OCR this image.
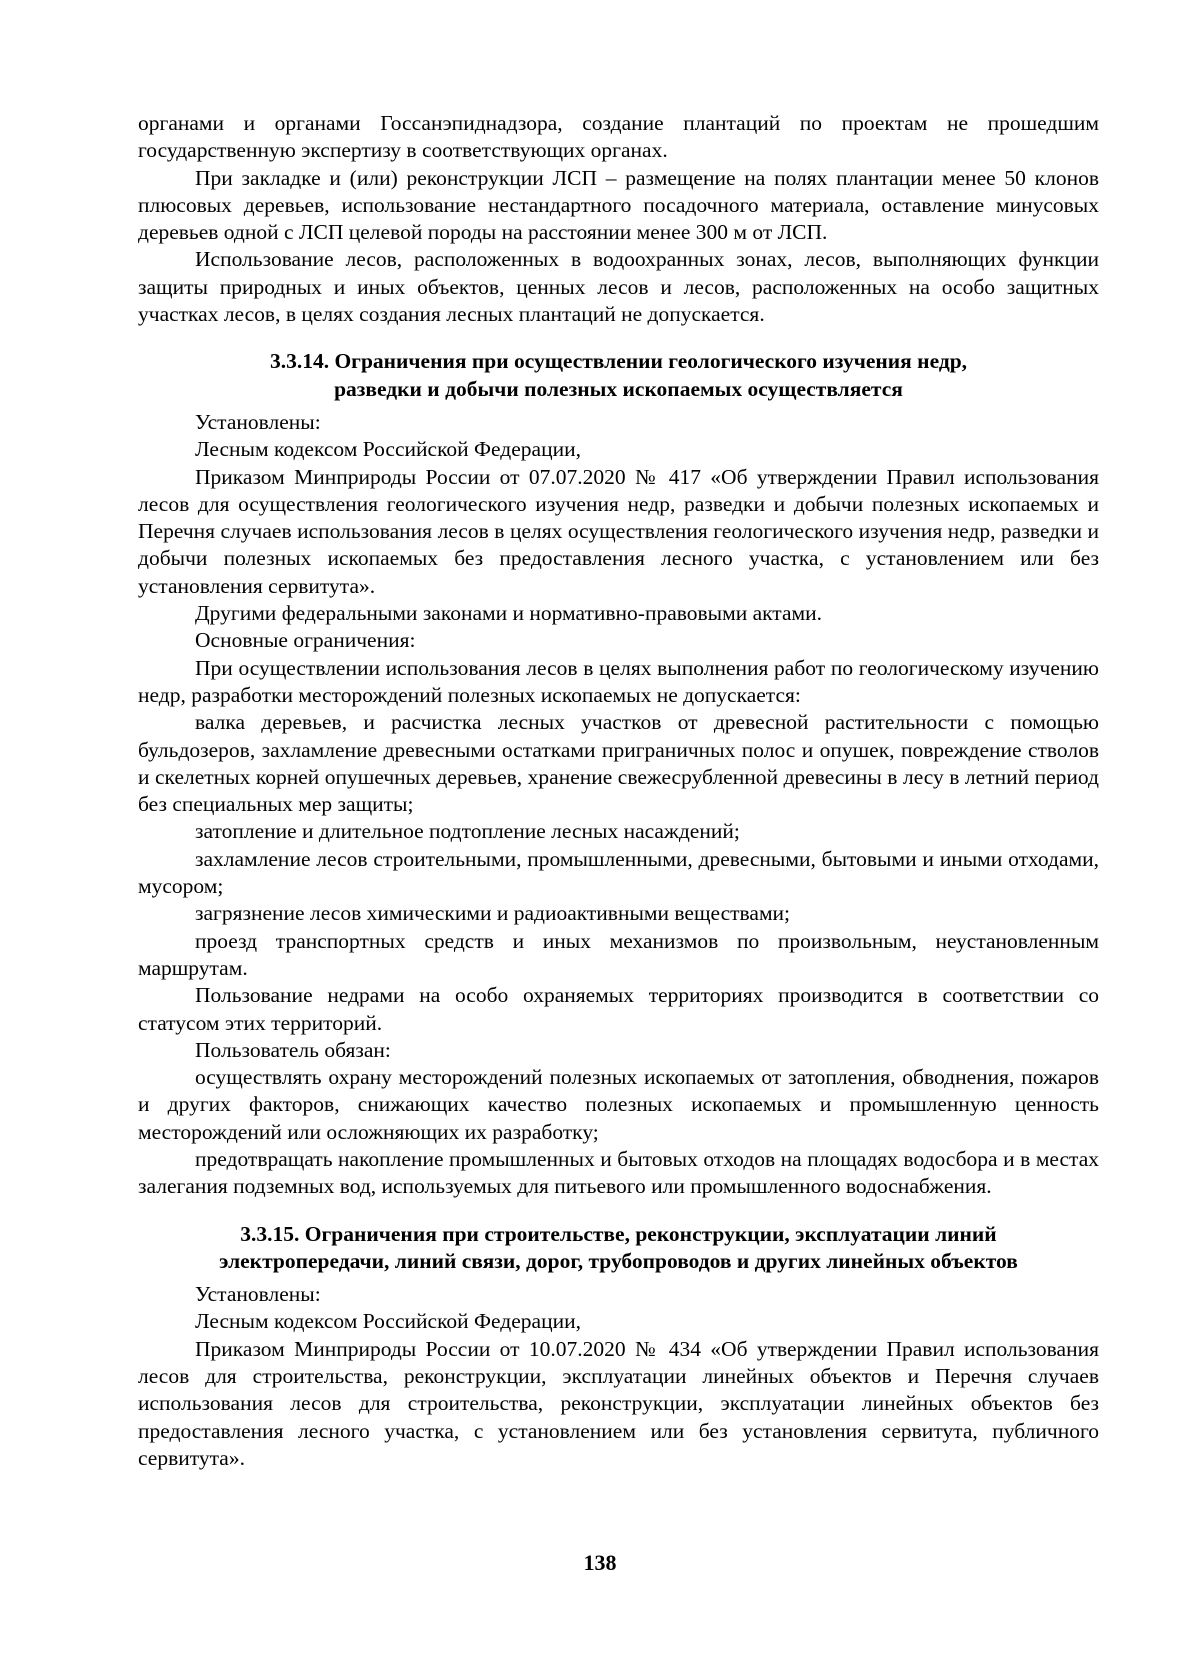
органами и органами Госсанэпиднадзора, создание плантаций по проектам не прошедшим государственную экспертизу в соответствующих органах.

При закладке и (или) реконструкции ЛСП – размещение на полях плантации менее 50 клонов плюсовых деревьев, использование нестандартного посадочного материала, оставление минусовых деревьев одной с ЛСП целевой породы на расстоянии менее 300 м от ЛСП.

Использование лесов, расположенных в водоохранных зонах, лесов, выполняющих функции защиты природных и иных объектов, ценных лесов и лесов, расположенных на особо защитных участках лесов, в целях создания лесных плантаций не допускается.

3.3.14. Ограничения при осуществлении геологического изучения недр,
разведки и добычи полезных ископаемых осуществляется

Установлены:

Лесным кодексом Российской Федерации,

Приказом Минприроды России от 07.07.2020 № 417 «Об утверждении Правил использования лесов для осуществления геологического изучения недр, разведки и добычи полезных ископаемых и Перечня случаев использования лесов в целях осуществления геологического изучения недр, разведки и добычи полезных ископаемых без предоставления лесного участка, с установлением или без установления сервитута».

Другими федеральными законами и нормативно-правовыми актами.

Основные ограничения:

При осуществлении использования лесов в целях выполнения работ по геологическому изучению недр, разработки месторождений полезных ископаемых не допускается:

валка деревьев, и расчистка лесных участков от древесной растительности с помощью бульдозеров, захламление древесными остатками приграничных полос и опушек, повреждение стволов и скелетных корней опушечных деревьев, хранение свежесрубленной древесины в лесу в летний период без специальных мер защиты;

затопление и длительное подтопление лесных насаждений;

захламление лесов строительными, промышленными, древесными, бытовыми и иными отходами, мусором;

загрязнение лесов химическими и радиоактивными веществами;

проезд транспортных средств и иных механизмов по произвольным, неустановленным маршрутам.

Пользование недрами на особо охраняемых территориях производится в соответствии со статусом этих территорий.

Пользователь обязан:

осуществлять охрану месторождений полезных ископаемых от затопления, обводнения, пожаров и других факторов, снижающих качество полезных ископаемых и промышленную ценность месторождений или осложняющих их разработку;

предотвращать накопление промышленных и бытовых отходов на площадях водосбора и в местах залегания подземных вод, используемых для питьевого или промышленного водоснабжения.

3.3.15. Ограничения при строительстве, реконструкции, эксплуатации линий
электропередачи, линий связи, дорог, трубопроводов и других линейных объектов

Установлены:

Лесным кодексом Российской Федерации,

Приказом Минприроды России от 10.07.2020 № 434 «Об утверждении Правил использования лесов для строительства, реконструкции, эксплуатации линейных объектов и Перечня случаев использования лесов для строительства, реконструкции, эксплуатации линейных объектов без предоставления лесного участка, с установлением или без установления сервитута, публичного сервитута».

138
